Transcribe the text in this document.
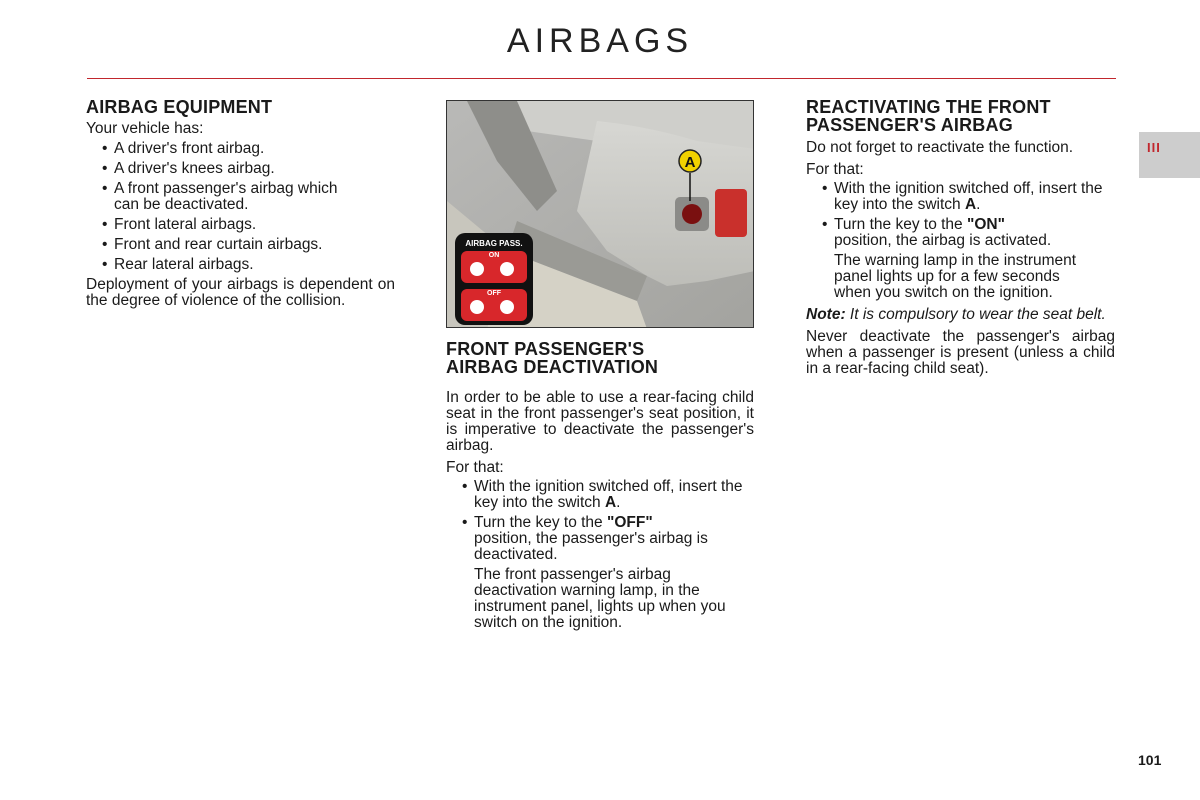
AIRBAGS
III
AIRBAG EQUIPMENT

Your vehicle has:

• A driver's front airbag.
• A driver's knees airbag.
• A front passenger's airbag which can be deactivated.
• Front lateral airbags.
• Front and rear curtain airbags.
• Rear lateral airbags.

Deployment of your airbags is dependent on the degree of violence of the collision.

A
AIRBAG PASS.
ON
OFF
FRONT PASSENGER'S
AIRBAG DEACTIVATION

In order to be able to use a rear-facing child seat in the front passenger's seat position, it is imperative to deactivate the passenger's airbag.

For that:

• With the ignition switched off, insert the key into the switch A.
• Turn the key to the "OFF"
position, the passenger's airbag is deactivated.

The front passenger's airbag deactivation warning lamp, in the instrument panel, lights up when you switch on the ignition.

REACTIVATING THE FRONT
PASSENGER'S AIRBAG

Do not forget to reactivate the function.

For that:

• With the ignition switched off, insert the key into the switch A.
• Turn the key to the "ON"
position, the airbag is activated.

The warning lamp in the instrument panel lights up for a few seconds when you switch on the ignition.

Note: It is compulsory to wear the seat belt.

Never deactivate the passenger's airbag when a passenger is present (unless a child in a rear-facing child seat).

101
